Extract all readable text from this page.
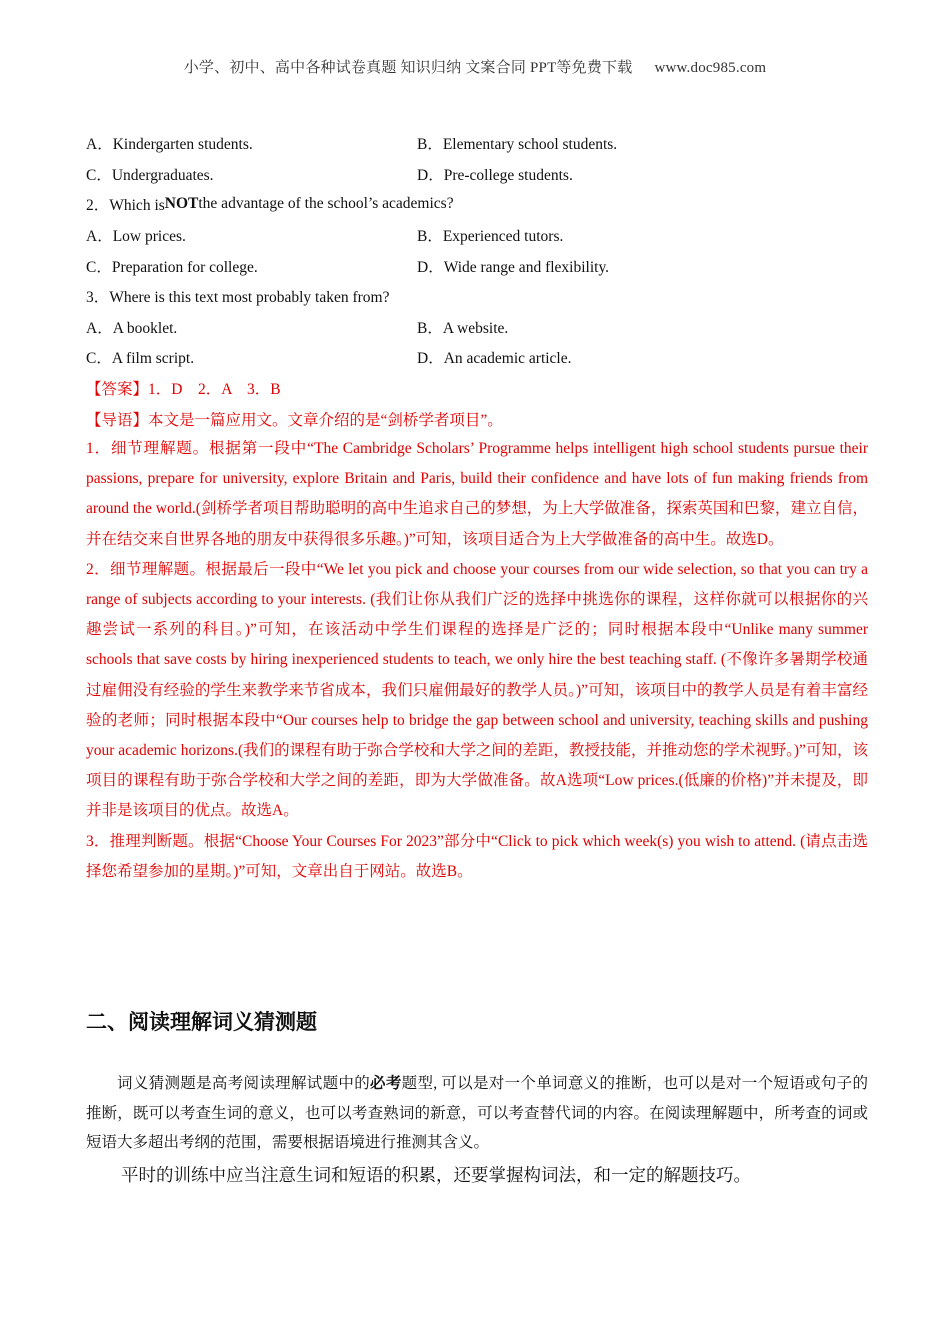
小学、初中、高中各种试卷真题 知识归纳 文案合同 PPT等免费下载 www.doc985.com
A．Kindergarten students.	B．Elementary school students.
C．Undergraduates.	D．Pre-college students.
2．Which is NOT the advantage of the school’s academics?
A．Low prices.	B．Experienced tutors.
C．Preparation for college.	D．Wide range and flexibility.
3．Where is this text most probably taken from?
A．A booklet.	B．A website.
C．A film script.	D．An academic article.
【答案】1．D　2．A　3．B
【导语】本文是一篇应用文。文章介绍的是“剑桥学者项目”。

1．细节理解题。根据第一段中“The Cambridge Scholars’ Programme helps intelligent high school students pursue their passions, prepare for university, explore Britain and Paris, build their confidence and have lots of fun making friends from around the world.(剑桥学者项目帮助聪明的高中生追求自己的梦想，为上大学做准备，探索英国和巴黎，建立自信，并在结交来自世界各地的朋友中获得很多乐趣。)”可知，该项目适合为上大学做准备的高中生。故选D。

2．细节理解题。根据最后一段中“We let you pick and choose your courses from our wide selection, so that you can try a range of subjects according to your interests. (我们让你从我们广泛的选择中挑选你的课程，这样你就可以根据你的兴趣尝试一系列的科目。)”可知，在该活动中学生们课程的选择是广泛的；同时根据本段中“Unlike many summer schools that save costs by hiring inexperienced students to teach, we only hire the best teaching staff. (不像许多暑期学校通过雇佣没有经验的学生来教学来节省成本，我们只雇佣最好的教学人员。)”可知，该项目中的教学人员是有着丰富经验的老师；同时根据本段中“Our courses help to bridge the gap between school and university, teaching skills and pushing your academic horizons.(我们的课程有助于弥合学校和大学之间的差距，教授技能，并推动您的学术视野。)”可知，该项目的课程有助于弥合学校和大学之间的差距，即为大学做准备。故A选项“Low prices.(低廉的价格)”并未提及，即并非是该项目的优点。故选A。

3．推理判断题。根据“Choose Your Courses For 2023”部分中“Click to pick which week(s) you wish to attend. (请点击选择您希望参加的星期。)”可知，文章出自于网站。故选B。

二、阅读理解词义猜测题

词义猜测题是高考阅读理解试题中的必考题型, 可以是对一个单词意义的推断，也可以是对一个短语或句子的推断，既可以考查生词的意义，也可以考查熟词的新意，可以考查替代词的内容。在阅读理解题中，所考查的词或短语大多超出考纲的范围，需要根据语境进行推测其含义。

平时的训练中应当注意生词和短语的积累，还要掌握构词法，和一定的解题技巧。
